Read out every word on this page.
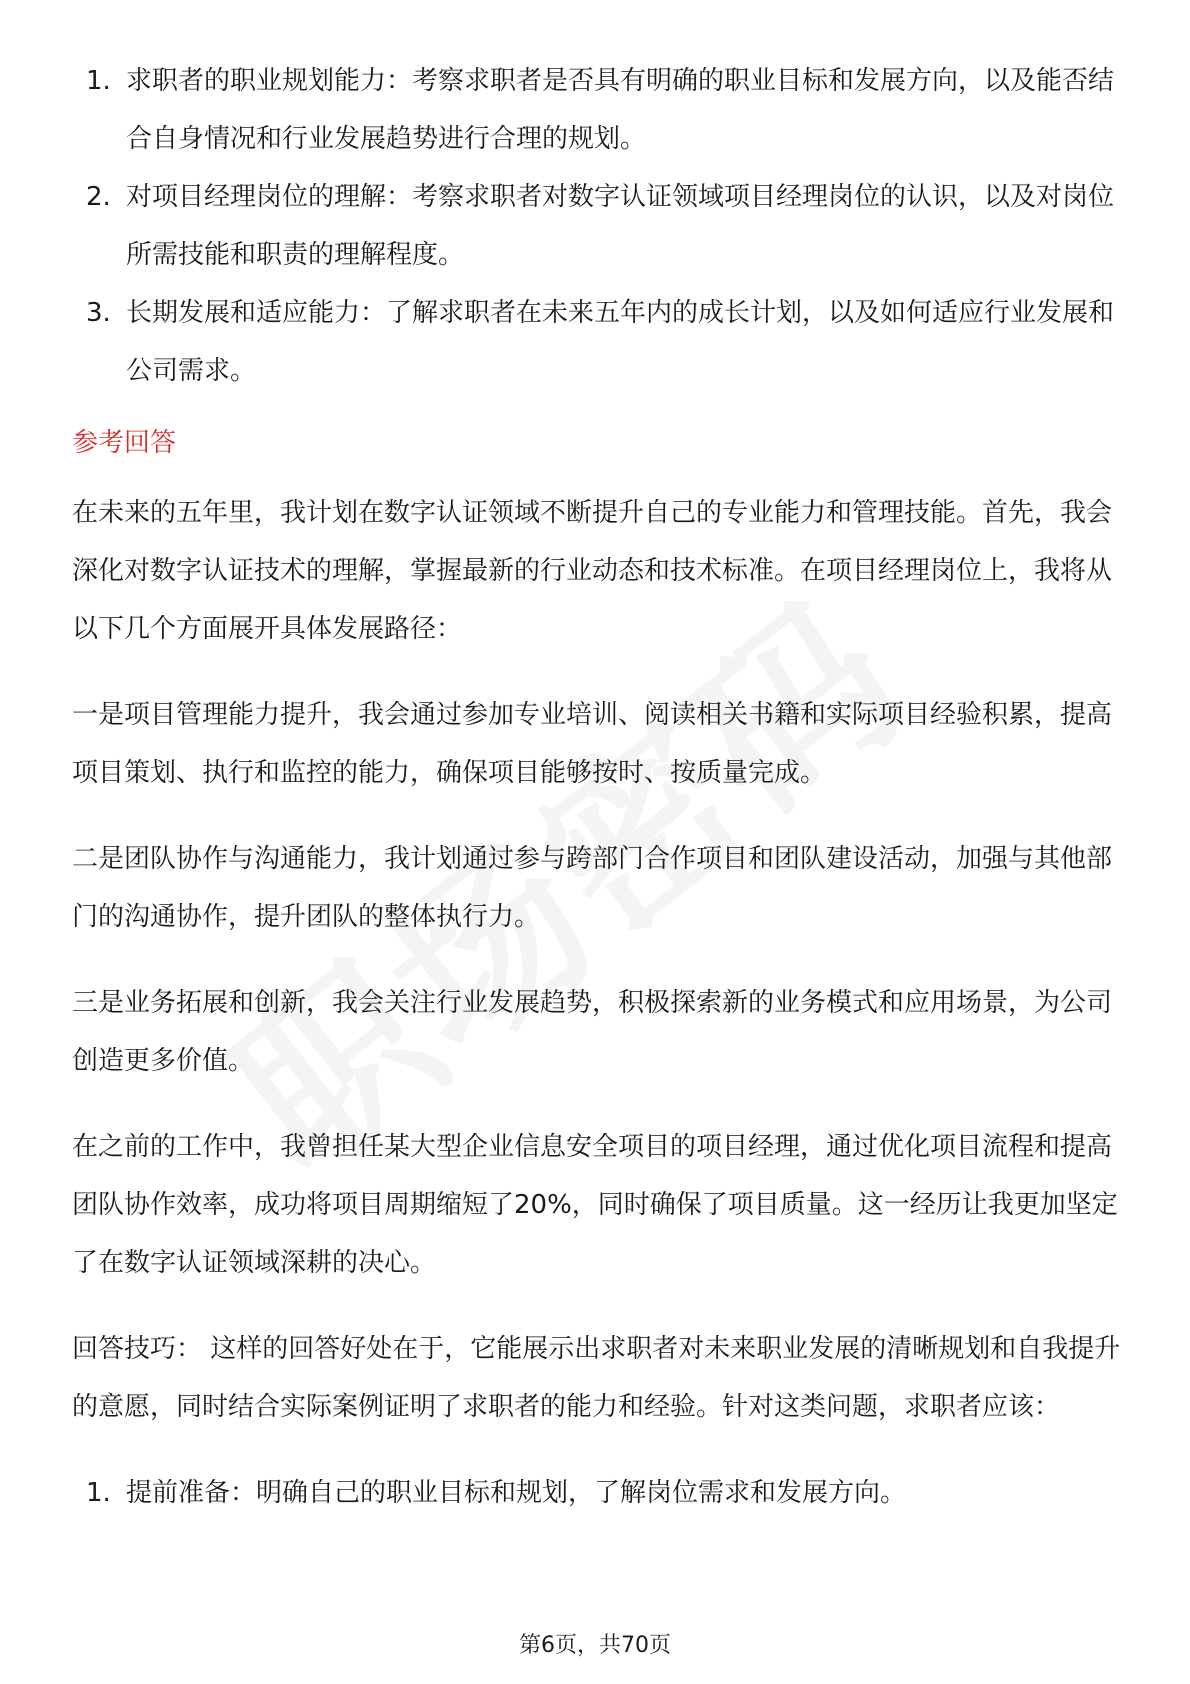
1. 求职者的职业规划能力：考察求职者是否具有明确的职业目标和发展方向，以及能否结合自身情况和行业发展趋势进行合理的规划。
2. 对项目经理岗位的理解：考察求职者对数字认证领域项目经理岗位的认识，以及对岗位所需技能和职责的理解程度。
3. 长期发展和适应能力：了解求职者在未来五年内的成长计划，以及如何适应行业发展和公司需求。
参考回答

在未来的五年里，我计划在数字认证领域不断提升自己的专业能力和管理技能。首先，我会深化对数字认证技术的理解，掌握最新的行业动态和技术标准。在项目经理岗位上，我将从以下几个方面展开具体发展路径：

一是项目管理能力提升，我会通过参加专业培训、阅读相关书籍和实际项目经验积累，提高项目策划、执行和监控的能力，确保项目能够按时、按质量完成。

二是团队协作与沟通能力，我计划通过参与跨部门合作项目和团队建设活动，加强与其他部门的沟通协作，提升团队的整体执行力。

三是业务拓展和创新，我会关注行业发展趋势，积极探索新的业务模式和应用场景，为公司创造更多价值。

在之前的工作中，我曾担任某大型企业信息安全项目的项目经理，通过优化项目流程和提高团队协作效率，成功将项目周期缩短了20%，同时确保了项目质量。这一经历让我更加坚定了在数字认证领域深耕的决心。

回答技巧： 这样的回答好处在于，它能展示出求职者对未来职业发展的清晰规划和自我提升的意愿，同时结合实际案例证明了求职者的能力和经验。针对这类问题，求职者应该：

1. 提前准备：明确自己的职业目标和规划，了解岗位需求和发展方向。
第6页，共70页
